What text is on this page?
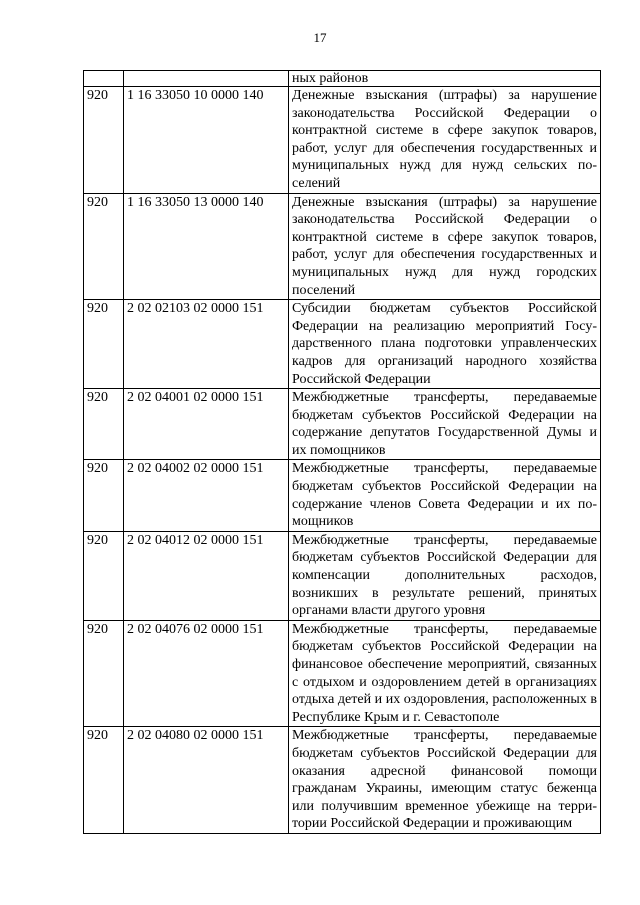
17
		ных районов
920	1 16 33050 10 0000 140	Денежные взыскания (штрафы) за нарушение законодательства Российской Федерации о контрактной системе в сфере закупок товаров, работ, услуг для обеспечения государственных и муниципальных нужд для нужд сельских поселений
920	1 16 33050 13 0000 140	Денежные взыскания (штрафы) за нарушение законодательства Российской Федерации о контрактной системе в сфере закупок товаров, работ, услуг для обеспечения государственных и муниципальных нужд для нужд городских поселений
920	2 02 02103 02 0000 151	Субсидии бюджетам субъектов Российской Федерации на реализацию мероприятий Государственного плана подготовки управленческих кадров для организаций народного хозяйства Российской Федерации
920	2 02 04001 02 0000 151	Межбюджетные трансферты, передаваемые бюджетам субъектов Российской Федерации на содержание депутатов Государственной Думы и их помощников
920	2 02 04002 02 0000 151	Межбюджетные трансферты, передаваемые бюджетам субъектов Российской Федерации на содержание членов Совета Федерации и их помощников
920	2 02 04012 02 0000 151	Межбюджетные трансферты, передаваемые бюджетам субъектов Российской Федерации для компенсации дополнительных расходов, возникших в результате решений, принятых органами власти другого уровня
920	2 02 04076 02 0000 151	Межбюджетные трансферты, передаваемые бюджетам субъектов Российской Федерации на финансовое обеспечение мероприятий, связанных с отдыхом и оздоровлением детей в организациях отдыха детей и их оздоровления, расположенных в Республике Крым и г. Севастополе
920	2 02 04080 02 0000 151	Межбюджетные трансферты, передаваемые бюджетам субъектов Российской Федерации для оказания адресной финансовой помощи гражданам Украины, имеющим статус беженца или получившим временное убежище на территории Российской Федерации и проживающим
